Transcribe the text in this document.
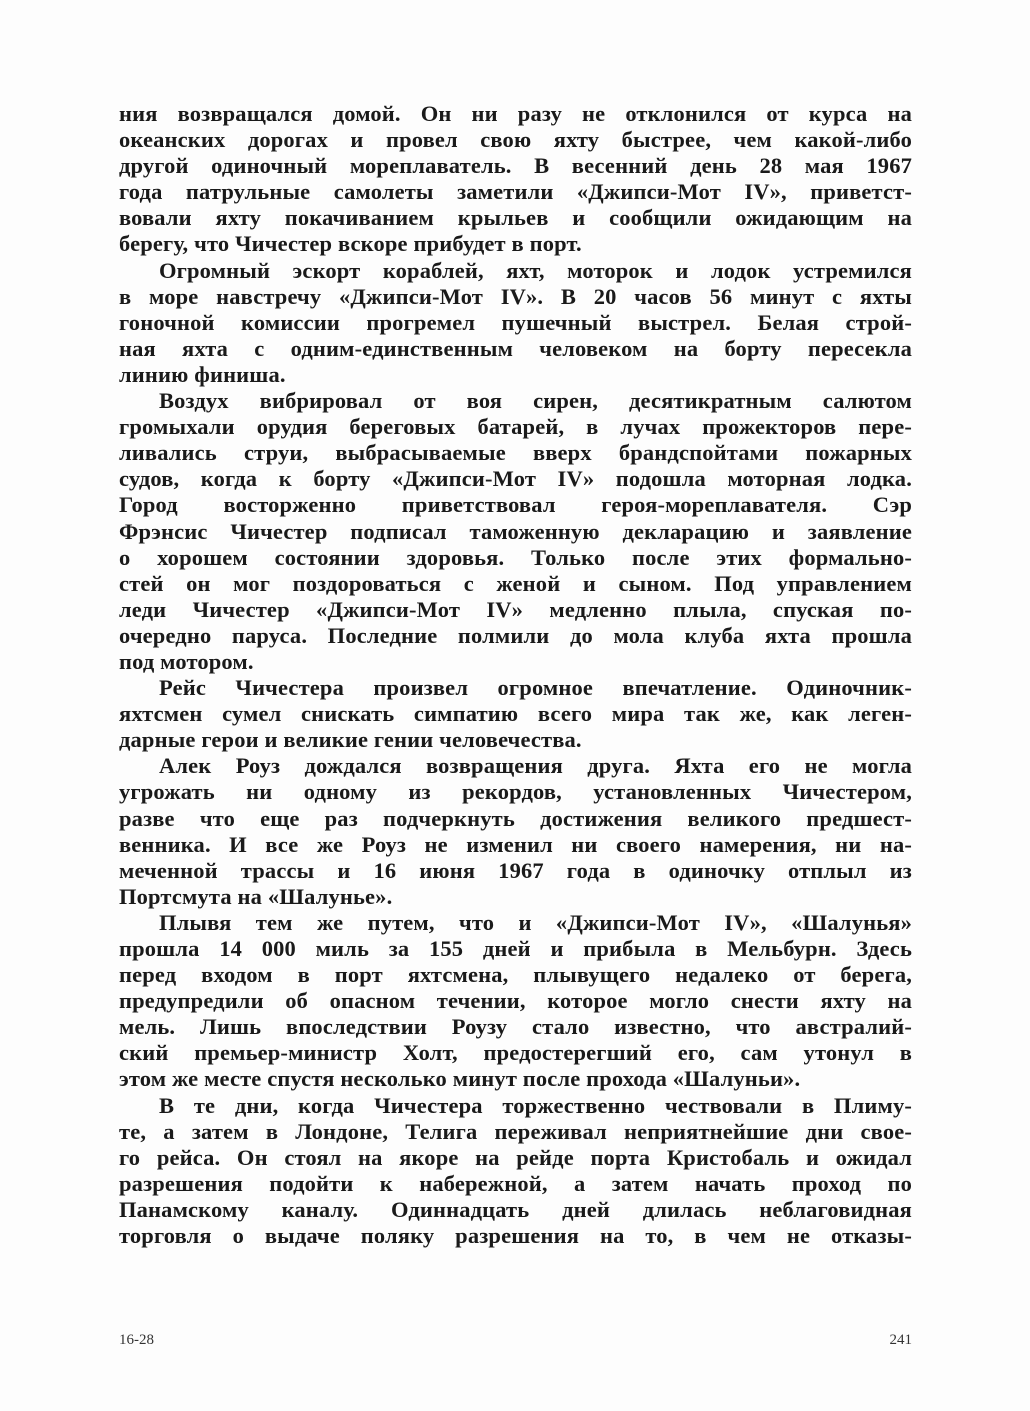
ния возвращался домой. Он ни разу не отклонился от курса на
океанских дорогах и провел свою яхту быстрее, чем какой-либо
другой одиночный мореплаватель. В весенний день 28 мая 1967
года патрульные самолеты заметили «Джипси-Мот IV», приветст-
вовали яхту покачиванием крыльев и сообщили ожидающим на
берегу, что Чичестер вскоре прибудет в порт.
Огромный эскорт кораблей, яхт, моторок и лодок устремился
в море навстречу «Джипси-Мот IV». В 20 часов 56 минут с яхты
гоночной комиссии прогремел пушечный выстрел. Белая строй-
ная яхта с одним-единственным человеком на борту пересекла
линию финиша.
Воздух вибрировал от воя сирен, десятикратным салютом
громыхали орудия береговых батарей, в лучах прожекторов пере-
ливались струи, выбрасываемые вверх брандспойтами пожарных
судов, когда к борту «Джипси-Мот IV» подошла моторная лодка.
Город восторженно приветствовал героя-мореплавателя. Сэр
Фрэнсис Чичестер подписал таможенную декларацию и заявление
о хорошем состоянии здоровья. Только после этих формально-
стей он мог поздороваться с женой и сыном. Под управлением
леди Чичестер «Джипси-Мот IV» медленно плыла, спуская по-
очередно паруса. Последние полмили до мола клуба яхта прошла
под мотором.
Рейс Чичестера произвел огромное впечатление. Одиночник-
яхтсмен сумел снискать симпатию всего мира так же, как леген-
дарные герои и великие гении человечества.
Алек Роуз дождался возвращения друга. Яхта его не могла
угрожать ни одному из рекордов, установленных Чичестером,
разве что еще раз подчеркнуть достижения великого предшест-
венника. И все же Роуз не изменил ни своего намерения, ни на-
меченной трассы и 16 июня 1967 года в одиночку отплыл из
Портсмута на «Шалунье».
Плывя тем же путем, что и «Джипси-Мот IV», «Шалунья»
прошла 14 000 миль за 155 дней и прибыла в Мельбурн. Здесь
перед входом в порт яхтсмена, плывущего недалеко от берега,
предупредили об опасном течении, которое могло снести яхту на
мель. Лишь впоследствии Роузу стало известно, что австралий-
ский премьер-министр Холт, предостерегший его, сам утонул в
этом же месте спустя несколько минут после прохода «Шалуньи».
В те дни, когда Чичестера торжественно чествовали в Плиму-
те, а затем в Лондоне, Телига переживал неприятнейшие дни свое-
го рейса. Он стоял на якоре на рейде порта Кристобаль и ожидал
разрешения подойти к набережной, а затем начать проход по
Панамскому каналу. Одиннадцать дней длилась неблаговидная
торговля о выдаче поляку разрешения на то, в чем не отказы-
16-28	241
